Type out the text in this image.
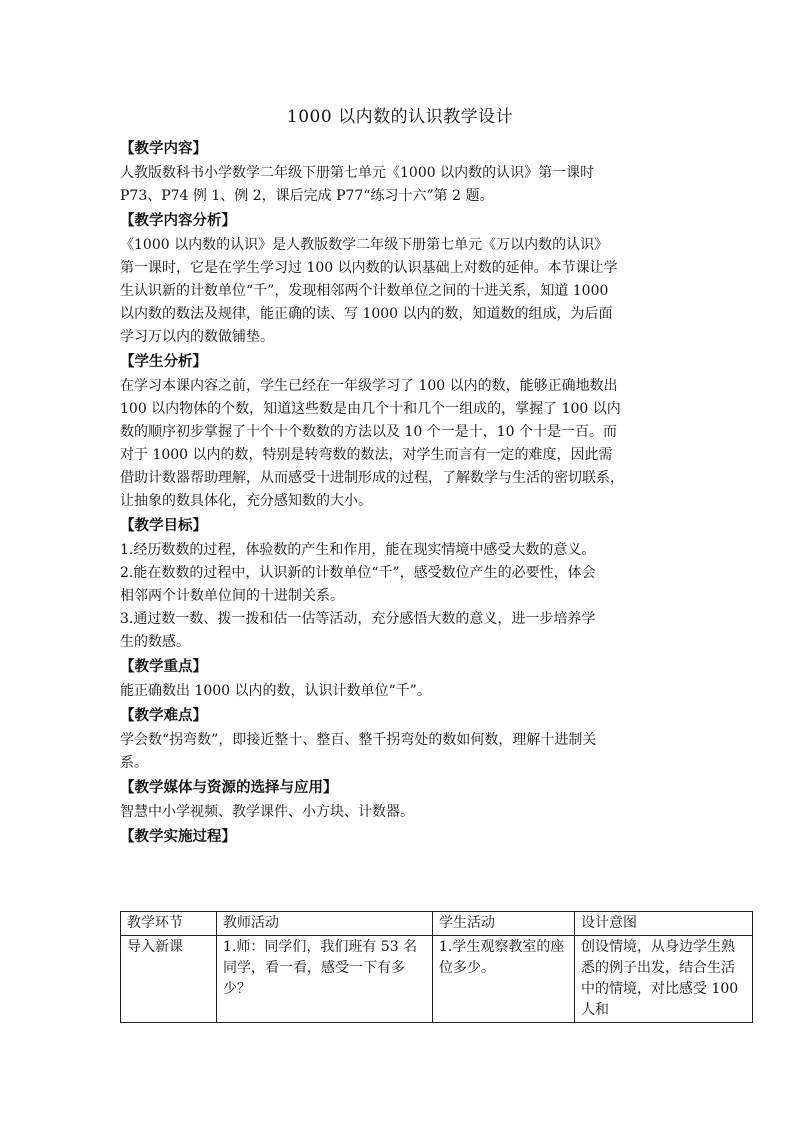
1000 以内数的认识教学设计
【教学内容】
人教版数科书小学数学二年级下册第七单元《1000 以内数的认识》第一课时
P73、P74 例 1、例 2，课后完成 P77“练习十六”第 2 题。
【教学内容分析】
《1000 以内数的认识》是人教版数学二年级下册第七单元《万以内数的认识》
第一课时，它是在学生学习过 100 以内数的认识基础上对数的延伸。本节课让学
生认识新的计数单位“千”，发现相邻两个计数单位之间的十进关系，知道 1000
以内数的数法及规律，能正确的读、写 1000 以内的数，知道数的组成，为后面
学习万以内的数做铺垫。
【学生分析】
在学习本课内容之前，学生已经在一年级学习了 100 以内的数，能够正确地数出
100 以内物体的个数，知道这些数是由几个十和几个一组成的，掌握了 100 以内
数的顺序初步掌握了十个十个数数的方法以及 10 个一是十，10 个十是一百。而
对于 1000 以内的数，特别是转弯数的数法，对学生而言有一定的难度，因此需
借助计数器帮助理解，从而感受十进制形成的过程，了解数学与生活的密切联系，
让抽象的数具体化，充分感知数的大小。
【教学目标】
1.经历数数的过程，体验数的产生和作用，能在现实情境中感受大数的意义。
2.能在数数的过程中，认识新的计数单位“千”，感受数位产生的必要性，体会
相邻两个计数单位间的十进制关系。
3.通过数一数、拨一拨和估一估等活动，充分感悟大数的意义，进一步培养学
生的数感。
【教学重点】
能正确数出 1000 以内的数，认识计数单位“千”。
【教学难点】
学会数“拐弯数”，即接近整十、整百、整千拐弯处的数如何数，理解十进制关
系。
【教学媒体与资源的选择与应用】
智慧中小学视频、教学课件、小方块、计数器。
【教学实施过程】
教学环节	教师活动	学生活动	设计意图
导入新课	1.师：同学们，我们班有 53 名同学，看一看，感受一下有多少？	1.学生观察教室的座位多少。	创设情境，从身边学生熟悉的例子出发，结合生活中的情境，对比感受 100 人和
